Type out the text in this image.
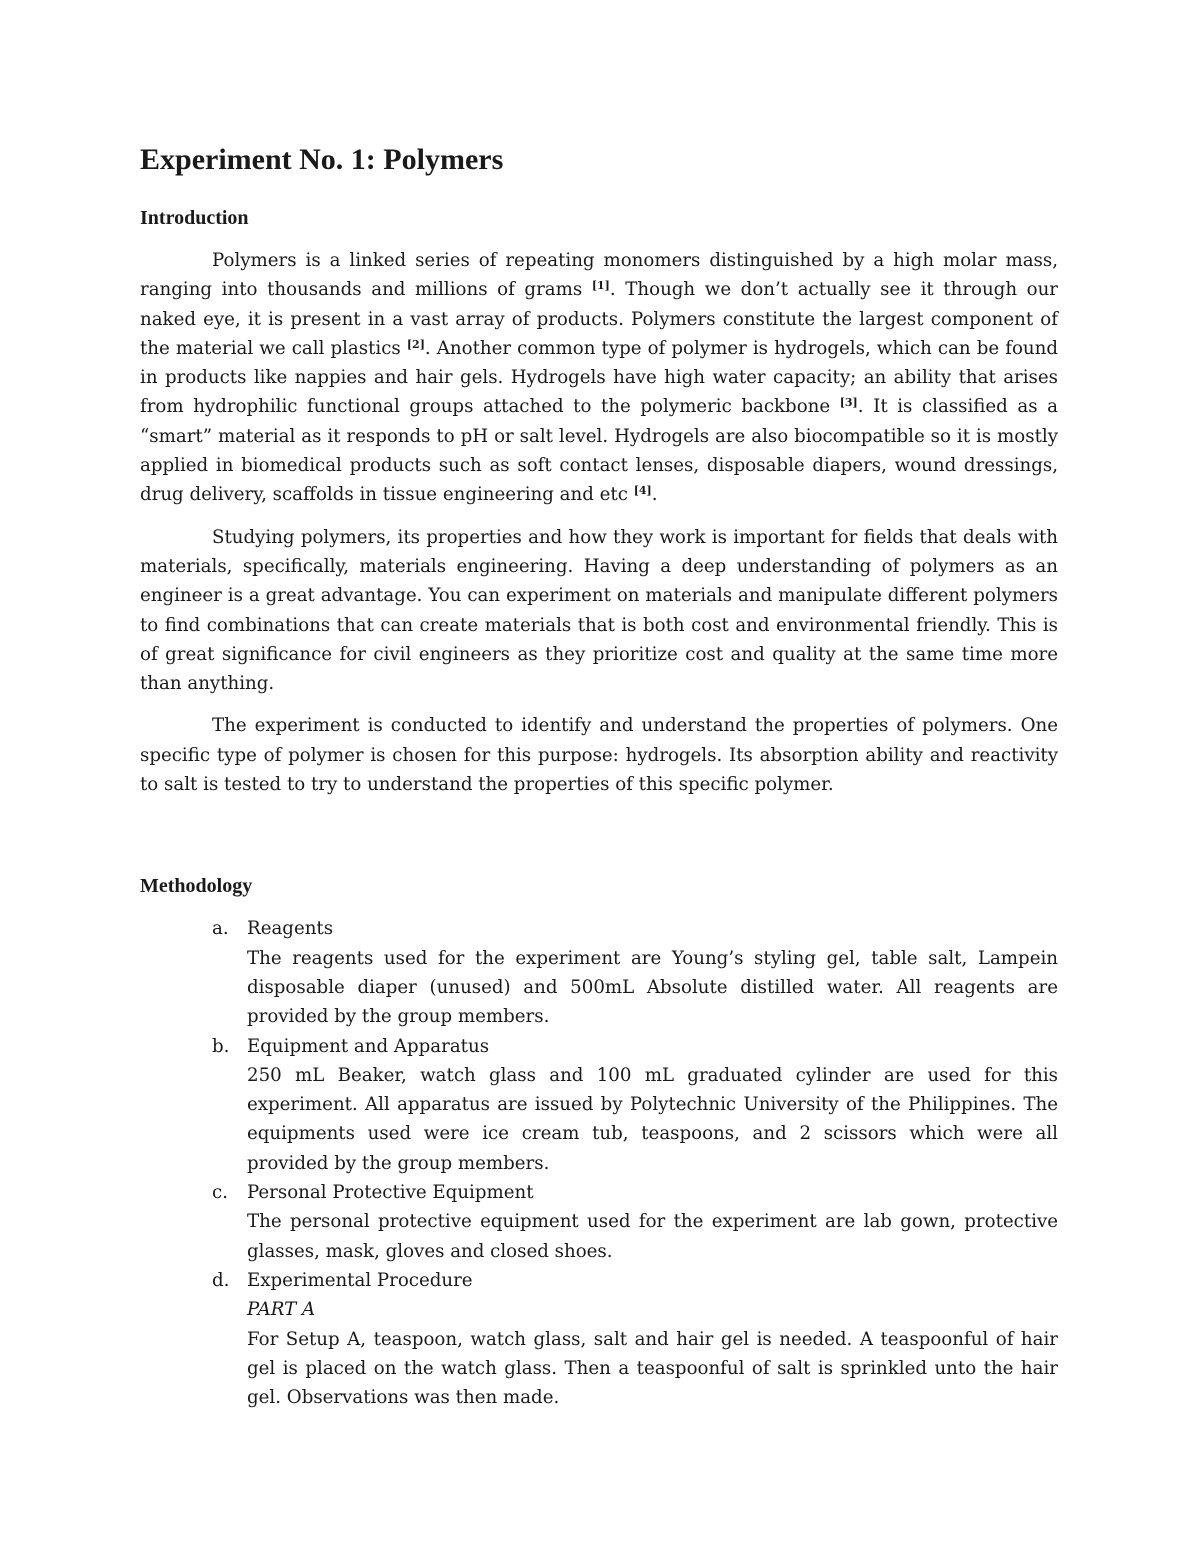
Experiment No. 1: Polymers
Introduction

Polymers is a linked series of repeating monomers distinguished by a high molar mass, ranging into thousands and millions of grams [1]. Though we don’t actually see it through our naked eye, it is present in a vast array of products. Polymers constitute the largest component of the material we call plastics [2]. Another common type of polymer is hydrogels, which can be found in products like nappies and hair gels. Hydrogels have high water capacity; an ability that arises from hydrophilic functional groups attached to the polymeric backbone [3]. It is classified as a “smart” material as it responds to pH or salt level. Hydrogels are also biocompatible so it is mostly applied in biomedical products such as soft contact lenses, disposable diapers, wound dressings, drug delivery, scaffolds in tissue engineering and etc [4].

Studying polymers, its properties and how they work is important for fields that deals with materials, specifically, materials engineering. Having a deep understanding of polymers as an engineer is a great advantage. You can experiment on materials and manipulate different polymers to find combinations that can create materials that is both cost and environmental friendly. This is of great significance for civil engineers as they prioritize cost and quality at the same time more than anything.

The experiment is conducted to identify and understand the properties of polymers. One specific type of polymer is chosen for this purpose: hydrogels. Its absorption ability and reactivity to salt is tested to try to understand the properties of this specific polymer.

Methodology
a. Reagents
The reagents used for the experiment are Young’s styling gel, table salt, Lampein disposable diaper (unused) and 500mL Absolute distilled water. All reagents are provided by the group members.
b. Equipment and Apparatus
250 mL Beaker, watch glass and 100 mL graduated cylinder are used for this experiment. All apparatus are issued by Polytechnic University of the Philippines. The equipments used were ice cream tub, teaspoons, and 2 scissors which were all provided by the group members.
c. Personal Protective Equipment
The personal protective equipment used for the experiment are lab gown, protective glasses, mask, gloves and closed shoes.
d. Experimental Procedure
PART A
For Setup A, teaspoon, watch glass, salt and hair gel is needed. A teaspoonful of hair gel is placed on the watch glass. Then a teaspoonful of salt is sprinkled unto the hair gel. Observations was then made.
